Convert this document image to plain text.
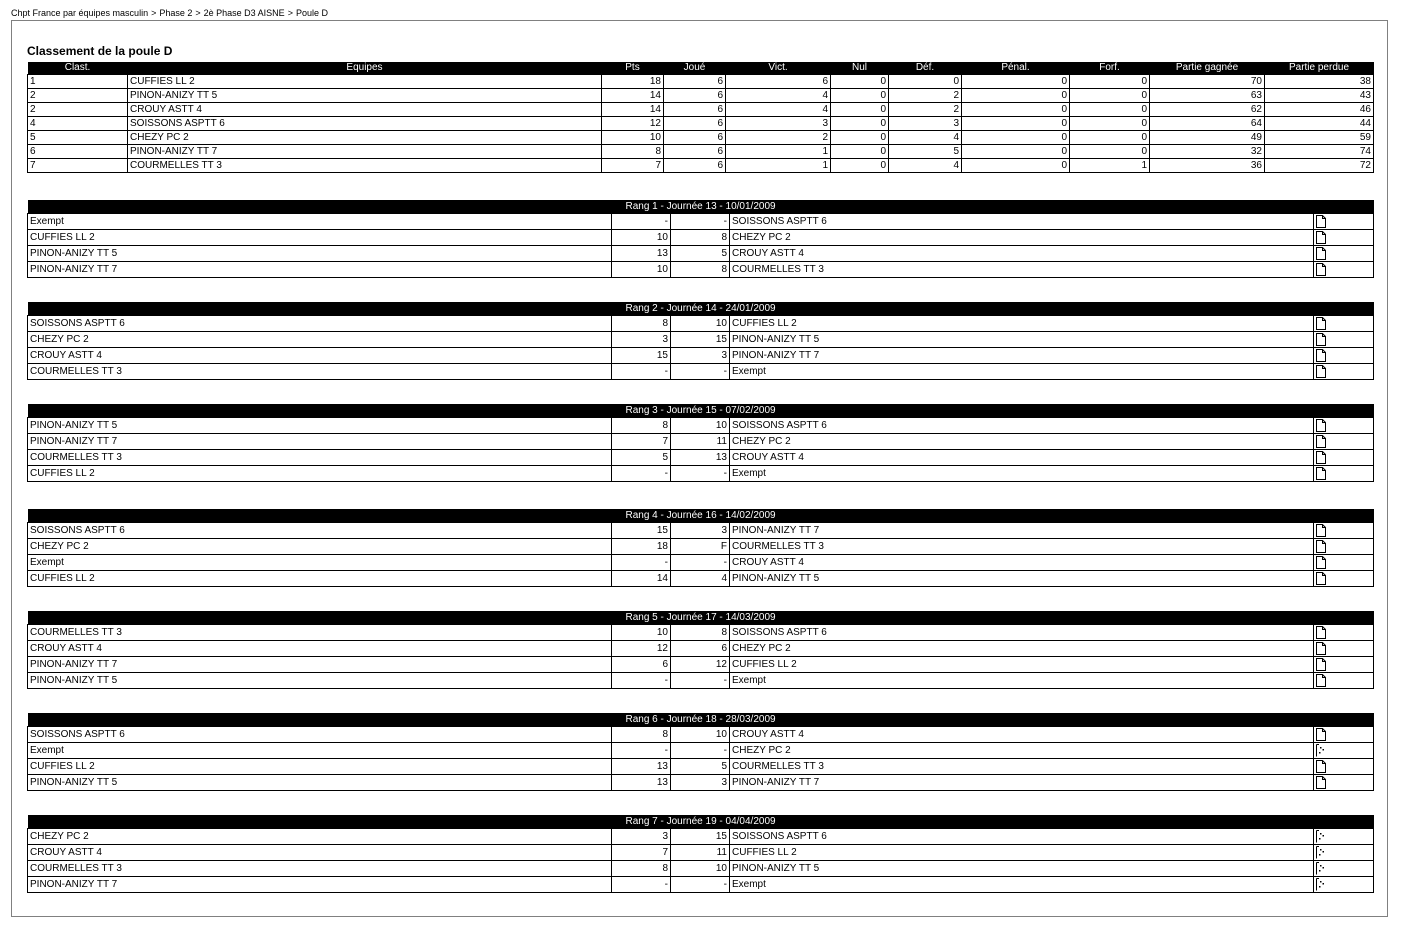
Chpt France par équipes masculin > Phase 2 > 2è Phase D3 AISNE > Poule D
Classement de la poule D
Clast.	Equipes	Pts	Joué	Vict.	Nul	Déf.	Pénal.	Forf.	Partie gagnée	Partie perdue
1	CUFFIES LL 2	18	6	6	0	0	0	0	70	38
2	PINON-ANIZY TT 5	14	6	4	0	2	0	0	63	43
2	CROUY ASTT 4	14	6	4	0	2	0	0	62	46
4	SOISSONS ASPTT 6	12	6	3	0	3	0	0	64	44
5	CHEZY PC 2	10	6	2	0	4	0	0	49	59
6	PINON-ANIZY TT 7	8	6	1	0	5	0	0	32	74
7	COURMELLES TT 3	7	6	1	0	4	0	1	36	72
Rang 1 - Journée 13 - 10/01/2009				
Exempt	-	-	SOISSONS ASPTT 6	

CUFFIES LL 2	10	8	CHEZY PC 2	

PINON-ANIZY TT 5	13	5	CROUY ASTT 4	

PINON-ANIZY TT 7	10	8	COURMELLES TT 3	
Rang 2 - Journée 14 - 24/01/2009				
SOISSONS ASPTT 6	8	10	CUFFIES LL 2	

CHEZY PC 2	3	15	PINON-ANIZY TT 5	

CROUY ASTT 4	15	3	PINON-ANIZY TT 7	

COURMELLES TT 3	-	-	Exempt	
Rang 3 - Journée 15 - 07/02/2009				
PINON-ANIZY TT 5	8	10	SOISSONS ASPTT 6	

PINON-ANIZY TT 7	7	11	CHEZY PC 2	

COURMELLES TT 3	5	13	CROUY ASTT 4	

CUFFIES LL 2	-	-	Exempt	
Rang 4 - Journée 16 - 14/02/2009				
SOISSONS ASPTT 6	15	3	PINON-ANIZY TT 7	

CHEZY PC 2	18	F	COURMELLES TT 3	

Exempt	-	-	CROUY ASTT 4	

CUFFIES LL 2	14	4	PINON-ANIZY TT 5	
Rang 5 - Journée 17 - 14/03/2009				
COURMELLES TT 3	10	8	SOISSONS ASPTT 6	

CROUY ASTT 4	12	6	CHEZY PC 2	

PINON-ANIZY TT 7	6	12	CUFFIES LL 2	

PINON-ANIZY TT 5	-	-	Exempt	
Rang 6 - Journée 18 - 28/03/2009				
SOISSONS ASPTT 6	8	10	CROUY ASTT 4	

Exempt	-	-	CHEZY PC 2	

CUFFIES LL 2	13	5	COURMELLES TT 3	

PINON-ANIZY TT 5	13	3	PINON-ANIZY TT 7	
Rang 7 - Journée 19 - 04/04/2009				
CHEZY PC 2	3	15	SOISSONS ASPTT 6	

CROUY ASTT 4	7	11	CUFFIES LL 2	

COURMELLES TT 3	8	10	PINON-ANIZY TT 5	

PINON-ANIZY TT 7	-	-	Exempt	
